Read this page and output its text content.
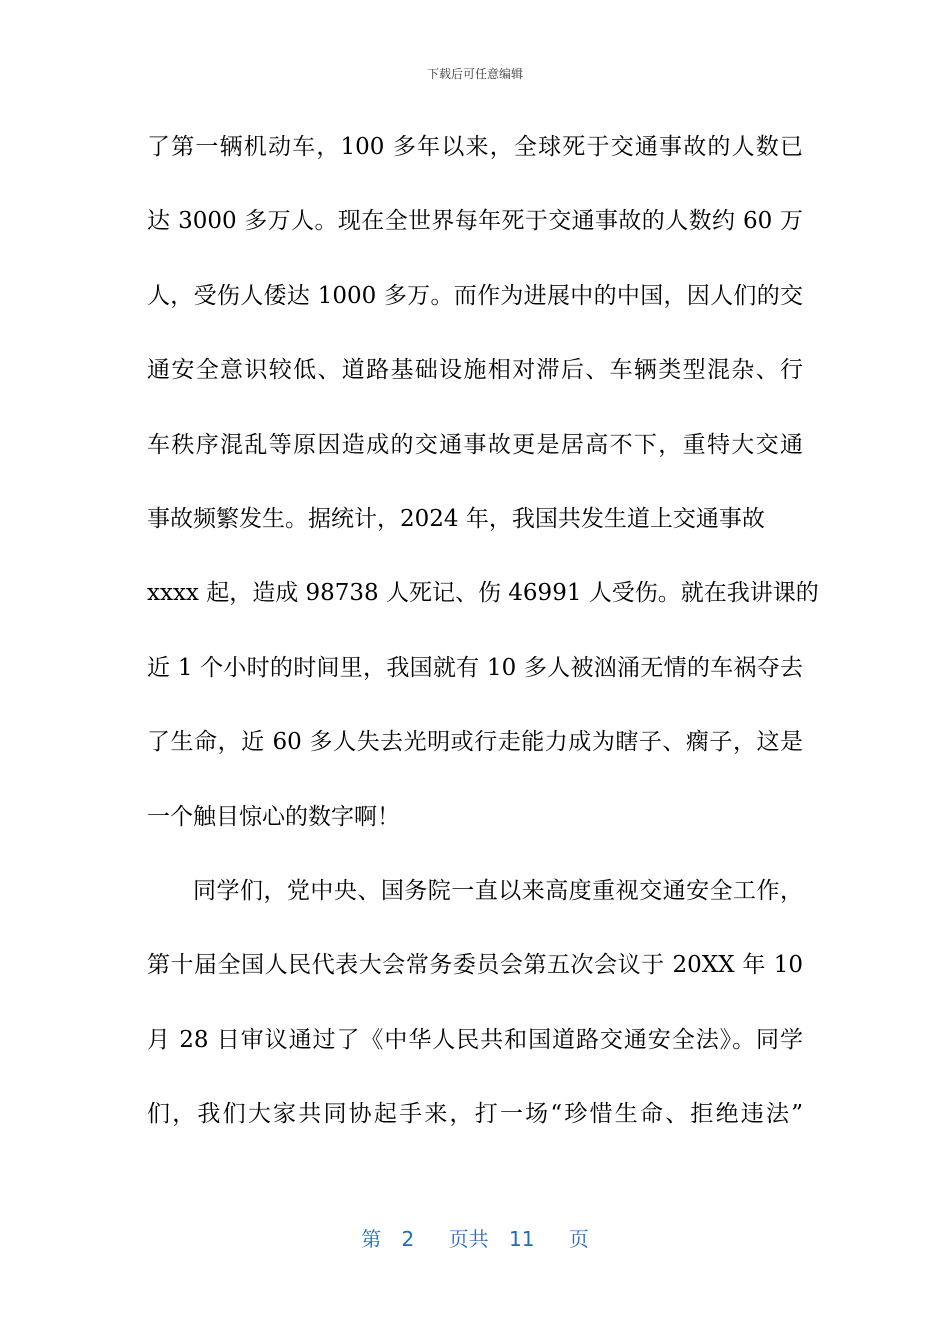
下载后可任意编辑
了第一辆机动车，100 多年以来，全球死于交通事故的人数已
达 3000 多万人。现在全世界每年死于交通事故的人数约 60 万
人，受伤人倭达 1000 多万。而作为进展中的中国，因人们的交
通安全意识较低、道路基础设施相对滞后、车辆类型混杂、行
车秩序混乱等原因造成的交通事故更是居高不下，重特大交通
事故频繁发生。据统计，2024 年，我国共发生道上交通事故
xxxx 起，造成 98738 人死记、伤 46991 人受伤。就在我讲课的
近 1 个小时的时间里，我国就有 10 多人被汹涌无情的车祸夺去
了生命，近 60 多人失去光明或行走能力成为瞎子、瘸子，这是
一个触目惊心的数字啊！
同学们，党中央、国务院一直以来高度重视交通安全工作，
第十届全国人民代表大会常务委员会第五次会议于 20XX 年 10
月 28 日审议通过了《中华人民共和国道路交通安全法》。同学
们，我们大家共同协起手来，打一场“珍惜生命、拒绝违法”
第 2 页共 11 页
